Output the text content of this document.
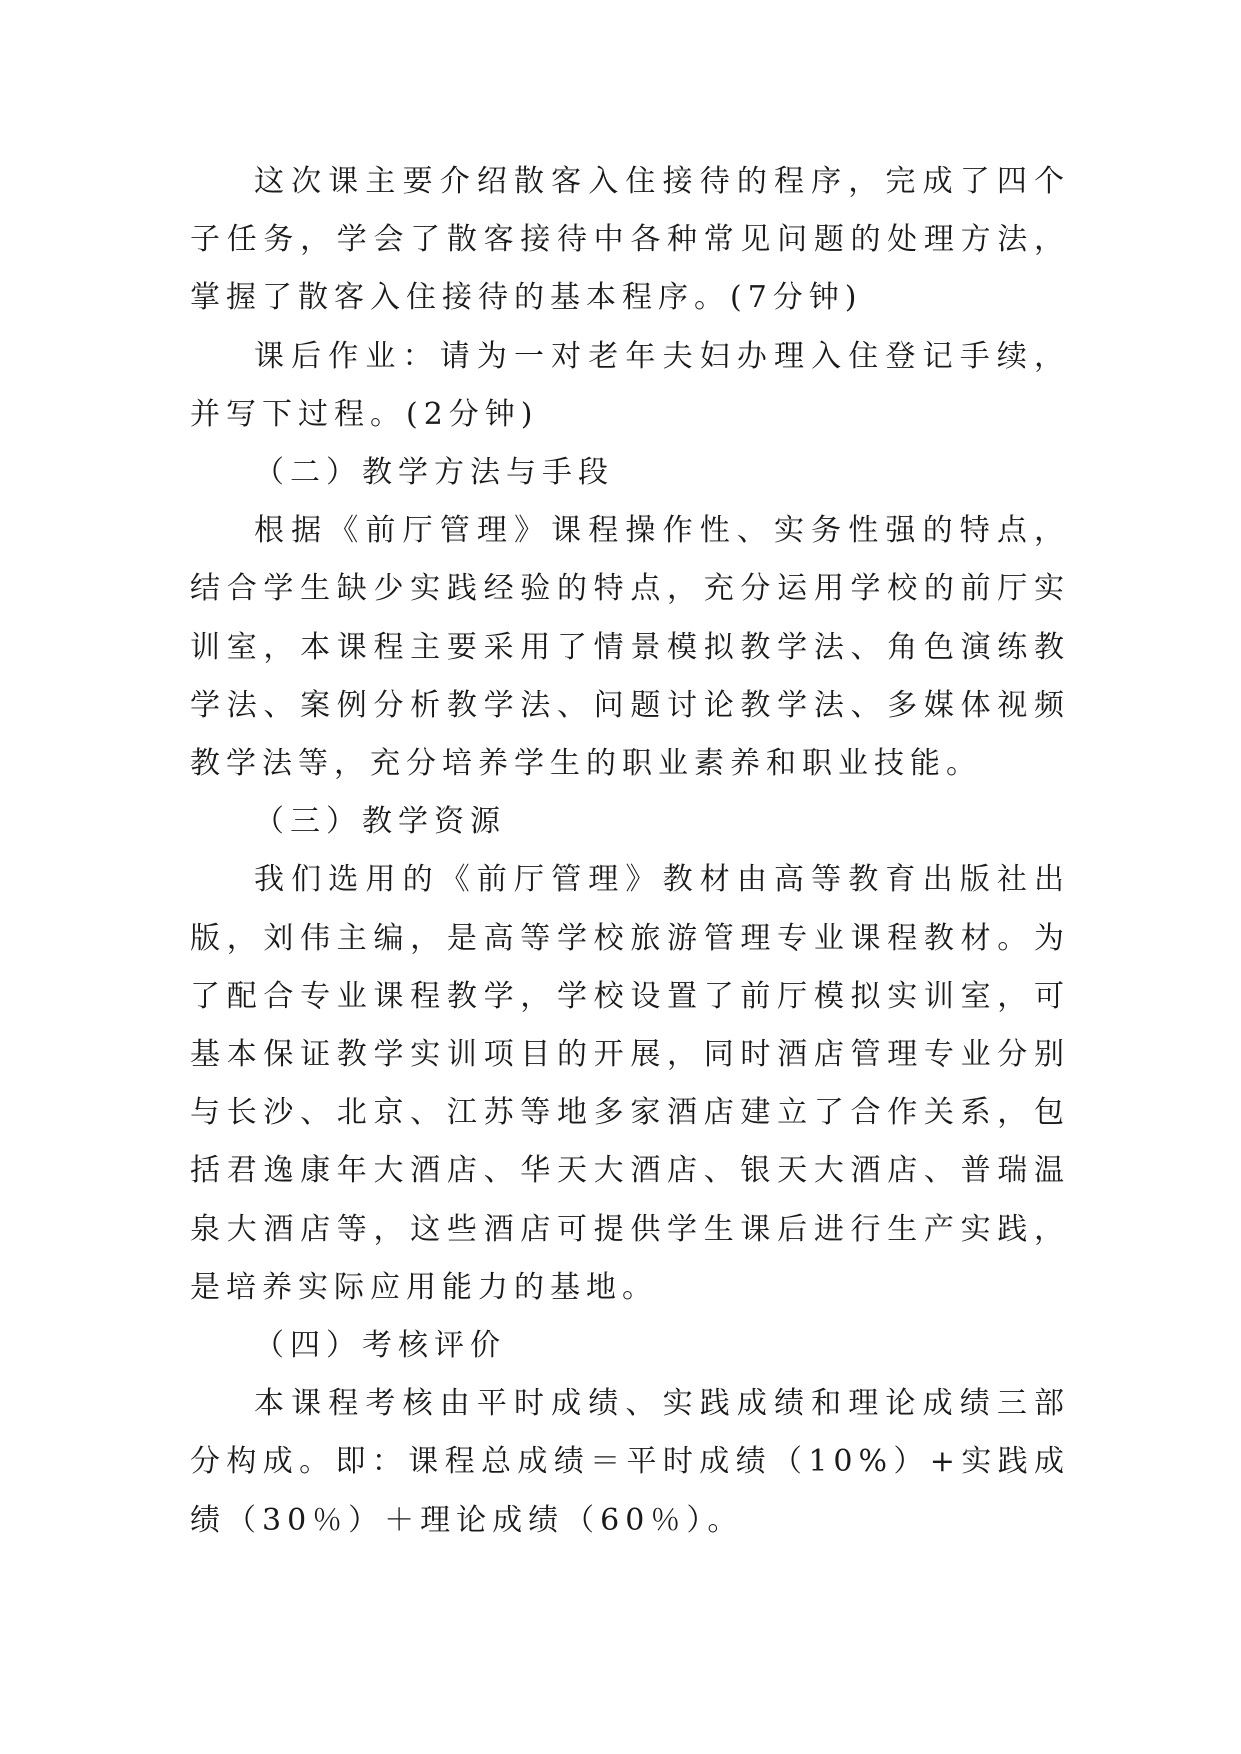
这次课主要介绍散客入住接待的程序，完成了四个子任务，学会了散客接待中各种常见问题的处理方法，掌握了散客入住接待的基本程序。(7分钟)

课后作业：请为一对老年夫妇办理入住登记手续，并写下过程。(2分钟)

（二）教学方法与手段

根据《前厅管理》课程操作性、实务性强的特点，结合学生缺少实践经验的特点，充分运用学校的前厅实训室，本课程主要采用了情景模拟教学法、角色演练教学法、案例分析教学法、问题讨论教学法、多媒体视频教学法等，充分培养学生的职业素养和职业技能。

（三）教学资源

我们选用的《前厅管理》教材由高等教育出版社出版，刘伟主编，是高等学校旅游管理专业课程教材。为了配合专业课程教学，学校设置了前厅模拟实训室，可基本保证教学实训项目的开展，同时酒店管理专业分别与长沙、北京、江苏等地多家酒店建立了合作关系，包括君逸康年大酒店、华天大酒店、银天大酒店、普瑞温泉大酒店等，这些酒店可提供学生课后进行生产实践，是培养实际应用能力的基地。

（四）考核评价

本课程考核由平时成绩、实践成绩和理论成绩三部分构成。即：课程总成绩＝平时成绩（10%）+实践成绩（30％）＋理论成绩（60％）。
